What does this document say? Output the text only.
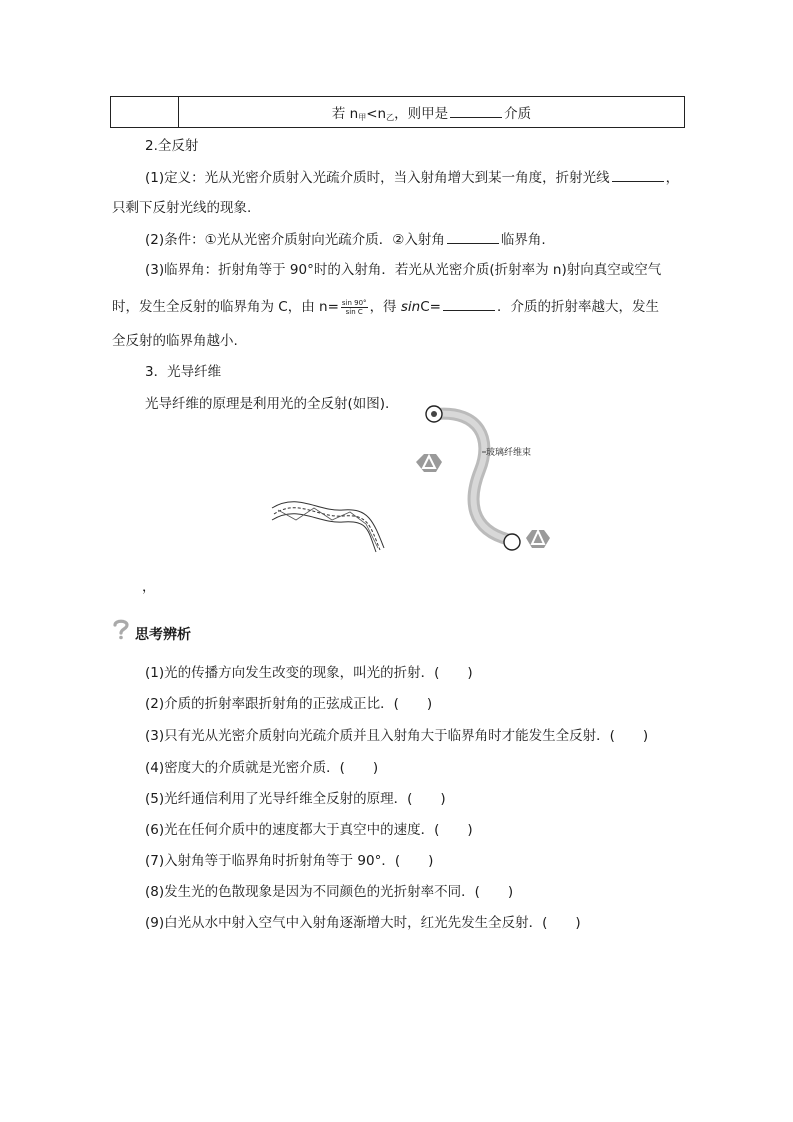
	若 $n_甲<n_乙$，则甲是	介质
2.全反射
(1)定义：光从光密介质射入光疏介质时，当入射角增大到某一角度，折射光线	，
只剩下反射光线的现象.
(2)条件：①光从光密介质射向光疏介质．②入射角	临界角.
(3)临界角：折射角等于 90°时的入射角．若光从光密介质(折射率为 n)射向真空或空气
时，发生全反射的临界角为 C，由 $n= \frac{\sin 90^\circ}{\text{sin C}}$ ，得 sinC=	．介质的折射率越大，发生
全反射的临界角越小.
3．光导纤维
光导纤维的原理是利用光的全反射(如图).
玻璃纤维束
，
思考辨析
(1)光的传播方向发生改变的现象，叫光的折射．( )
(2)介质的折射率跟折射角的正弦成正比．( )
(3)只有光从光密介质射向光疏介质并且入射角大于临界角时才能发生全反射．( )
(4)密度大的介质就是光密介质．( )
(5)光纤通信利用了光导纤维全反射的原理．( )
(6)光在任何介质中的速度都大于真空中的速度．( )
(7)入射角等于临界角时折射角等于 90°．( )
(8)发生光的色散现象是因为不同颜色的光折射率不同．( )
(9)白光从水中射入空气中入射角逐渐增大时，红光先发生全反射．( )
